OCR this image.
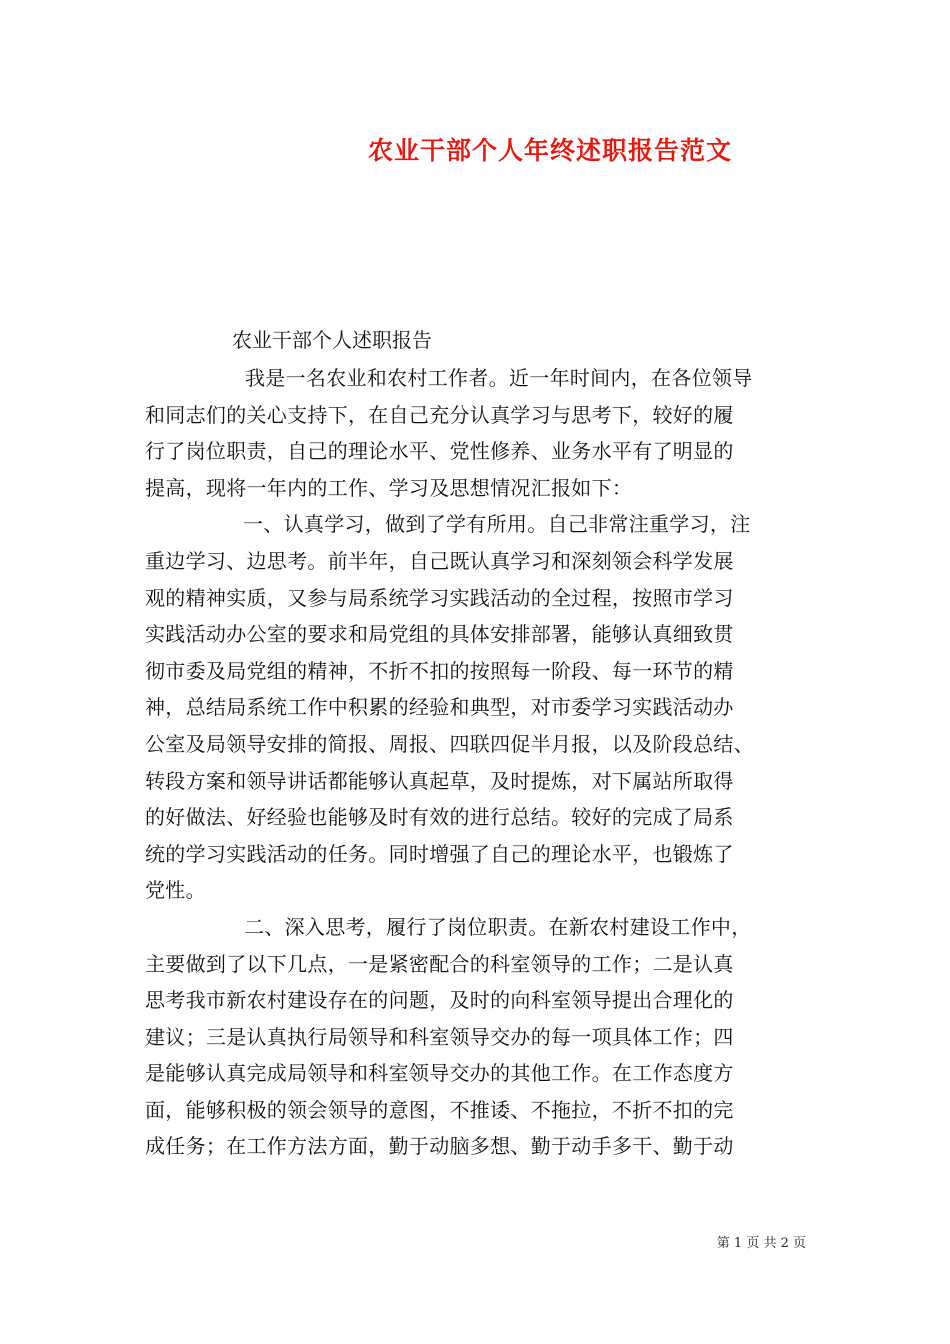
农业干部个人年终述职报告范文
农业干部个人述职报告
我是一名农业和农村工作者。近一年时间内，在各位领导
和同志们的关心支持下，在自己充分认真学习与思考下，较好的履
行了岗位职责，自己的理论水平、党性修养、业务水平有了明显的
提高，现将一年内的工作、学习及思想情况汇报如下：
一、认真学习，做到了学有所用。自己非常注重学习，注
重边学习、边思考。前半年，自己既认真学习和深刻领会科学发展
观的精神实质，又参与局系统学习实践活动的全过程，按照市学习
实践活动办公室的要求和局党组的具体安排部署，能够认真细致贯
彻市委及局党组的精神，不折不扣的按照每一阶段、每一环节的精
神，总结局系统工作中积累的经验和典型，对市委学习实践活动办
公室及局领导安排的简报、周报、四联四促半月报，以及阶段总结、
转段方案和领导讲话都能够认真起草，及时提炼，对下属站所取得
的好做法、好经验也能够及时有效的进行总结。较好的完成了局系
统的学习实践活动的任务。同时增强了自己的理论水平，也锻炼了
党性。
二、深入思考，履行了岗位职责。在新农村建设工作中，
主要做到了以下几点，一是紧密配合的科室领导的工作；二是认真
思考我市新农村建设存在的问题，及时的向科室领导提出合理化的
建议；三是认真执行局领导和科室领导交办的每一项具体工作；四
是能够认真完成局领导和科室领导交办的其他工作。在工作态度方
面，能够积极的领会领导的意图，不推诿、不拖拉，不折不扣的完
成任务；在工作方法方面，勤于动脑多想、勤于动手多干、勤于动
第 1 页 共 2 页
